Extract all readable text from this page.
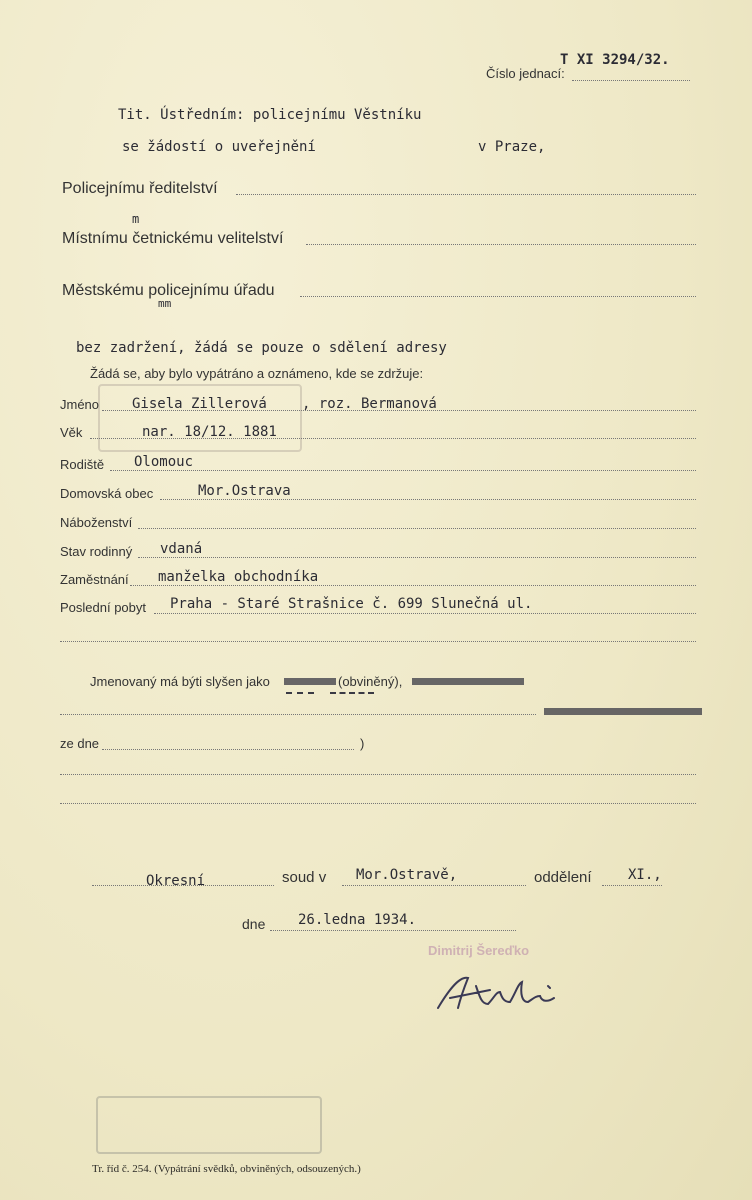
Číslo jednací:
T XI 3294/32.
Tit. Ústředním: policejnímu Věstníku
se žádostí o uveřejnění	v Praze,
Policejnímu ředitelství
m
Místnímu četnickému velitelství
Městskému policejnímu úřadu
mm
bez zadržení, žádá se pouze o sdělení adresy
Žádá se, aby bylo vypátráno a oznámeno, kde se zdržuje:
Jméno Gisela Zillerová	, roz. Bermanová
Věk	nar. 18/12. 1881
Rodiště Olomouc
Domovská obec	Mor.Ostrava
Náboženství
Stav rodinný vdaná
Zaměstnání manželka obchodníka
Poslední pobyt Praha - Staré Strašnice č. 699 Slunečná ul.
Jmenovaný má býti slyšen jako	(obviněný),
ze dne	)
Okresní	soud v Mor.Ostravě,	oddělení	XI.,
dne 26.ledna 1934.
Dimitrij Šereďko
Tr. říd č. 254. (Vypátrání svědků, obviněných, odsouzených.)
